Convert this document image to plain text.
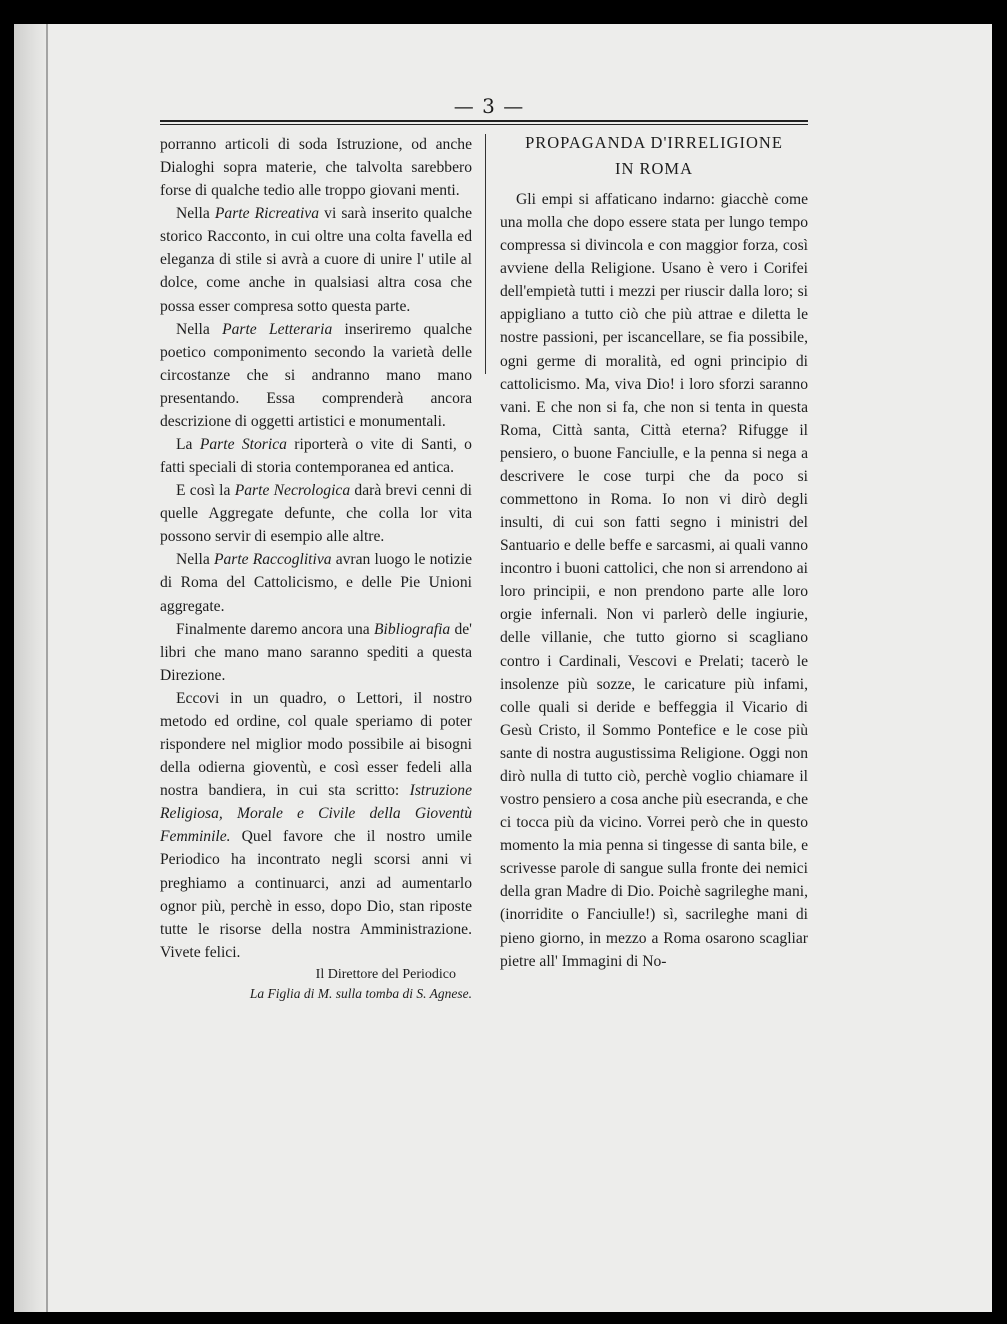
— 3 —

porranno articoli di soda Istruzione, od anche Dialoghi sopra materie, che talvolta sarebbero forse di qualche tedio alle troppo giovani menti.

Nella Parte Ricreativa vi sarà inserito qualche storico Racconto, in cui oltre una colta favella ed eleganza di stile si avrà a cuore di unire l' utile al dolce, come anche in qualsiasi altra cosa che possa esser compresa sotto questa parte.

Nella Parte Letteraria inseriremo qualche poetico componimento secondo la varietà delle circostanze che si andranno mano mano presentando. Essa comprenderà ancora descrizione di oggetti artistici e monumentali.

La Parte Storica riporterà o vite di Santi, o fatti speciali di storia contemporanea ed antica.

E così la Parte Necrologica darà brevi cenni di quelle Aggregate defunte, che colla lor vita possono servir di esempio alle altre.

Nella Parte Raccoglitiva avran luogo le notizie di Roma del Cattolicismo, e delle Pie Unioni aggregate.

Finalmente daremo ancora una Bibliografia de' libri che mano mano saranno spediti a questa Direzione.

Eccovi in un quadro, o Lettori, il nostro metodo ed ordine, col quale speriamo di poter rispondere nel miglior modo possibile ai bisogni della odierna gioventù, e così esser fedeli alla nostra bandiera, in cui sta scritto: Istruzione Religiosa, Morale e Civile della Gioventù Femminile. Quel favore che il nostro umile Periodico ha incontrato negli scorsi anni vi preghiamo a continuarci, anzi ad aumentarlo ognor più, perchè in esso, dopo Dio, stan riposte tutte le risorse della nostra Amministrazione. Vivete felici.

Il Direttore del Periodico
La Figlia di M. sulla tomba di S. Agnese.
PROPAGANDA D'IRRELIGIONE
IN ROMA

Gli empi si affaticano indarno: giacchè come una molla che dopo essere stata per lungo tempo compressa si divincola e con maggior forza, così avviene della Religione. Usano è vero i Corifei dell'empietà tutti i mezzi per riuscir dalla loro; si appigliano a tutto ciò che più attrae e diletta le nostre passioni, per iscancellare, se fia possibile, ogni germe di moralità, ed ogni principio di cattolicismo. Ma, viva Dio! i loro sforzi saranno vani. E che non si fa, che non si tenta in questa Roma, Città santa, Città eterna? Rifugge il pensiero, o buone Fanciulle, e la penna si nega a descrivere le cose turpi che da poco si commettono in Roma. Io non vi dirò degli insulti, di cui son fatti segno i ministri del Santuario e delle beffe e sarcasmi, ai quali vanno incontro i buoni cattolici, che non si arrendono ai loro principii, e non prendono parte alle loro orgie infernali. Non vi parlerò delle ingiurie, delle villanie, che tutto giorno si scagliano contro i Cardinali, Vescovi e Prelati; tacerò le insolenze più sozze, le caricature più infami, colle quali si deride e beffeggia il Vicario di Gesù Cristo, il Sommo Pontefice e le cose più sante di nostra augustissima Religione. Oggi non dirò nulla di tutto ciò, perchè voglio chiamare il vostro pensiero a cosa anche più esecranda, e che ci tocca più da vicino. Vorrei però che in questo momento la mia penna si tingesse di santa bile, e scrivesse parole di sangue sulla fronte dei nemici della gran Madre di Dio. Poichè sagrileghe mani, (inorridite o Fanciulle!) sì, sacrileghe mani di pieno giorno, in mezzo a Roma osarono scagliar pietre all' Immagini di No-
